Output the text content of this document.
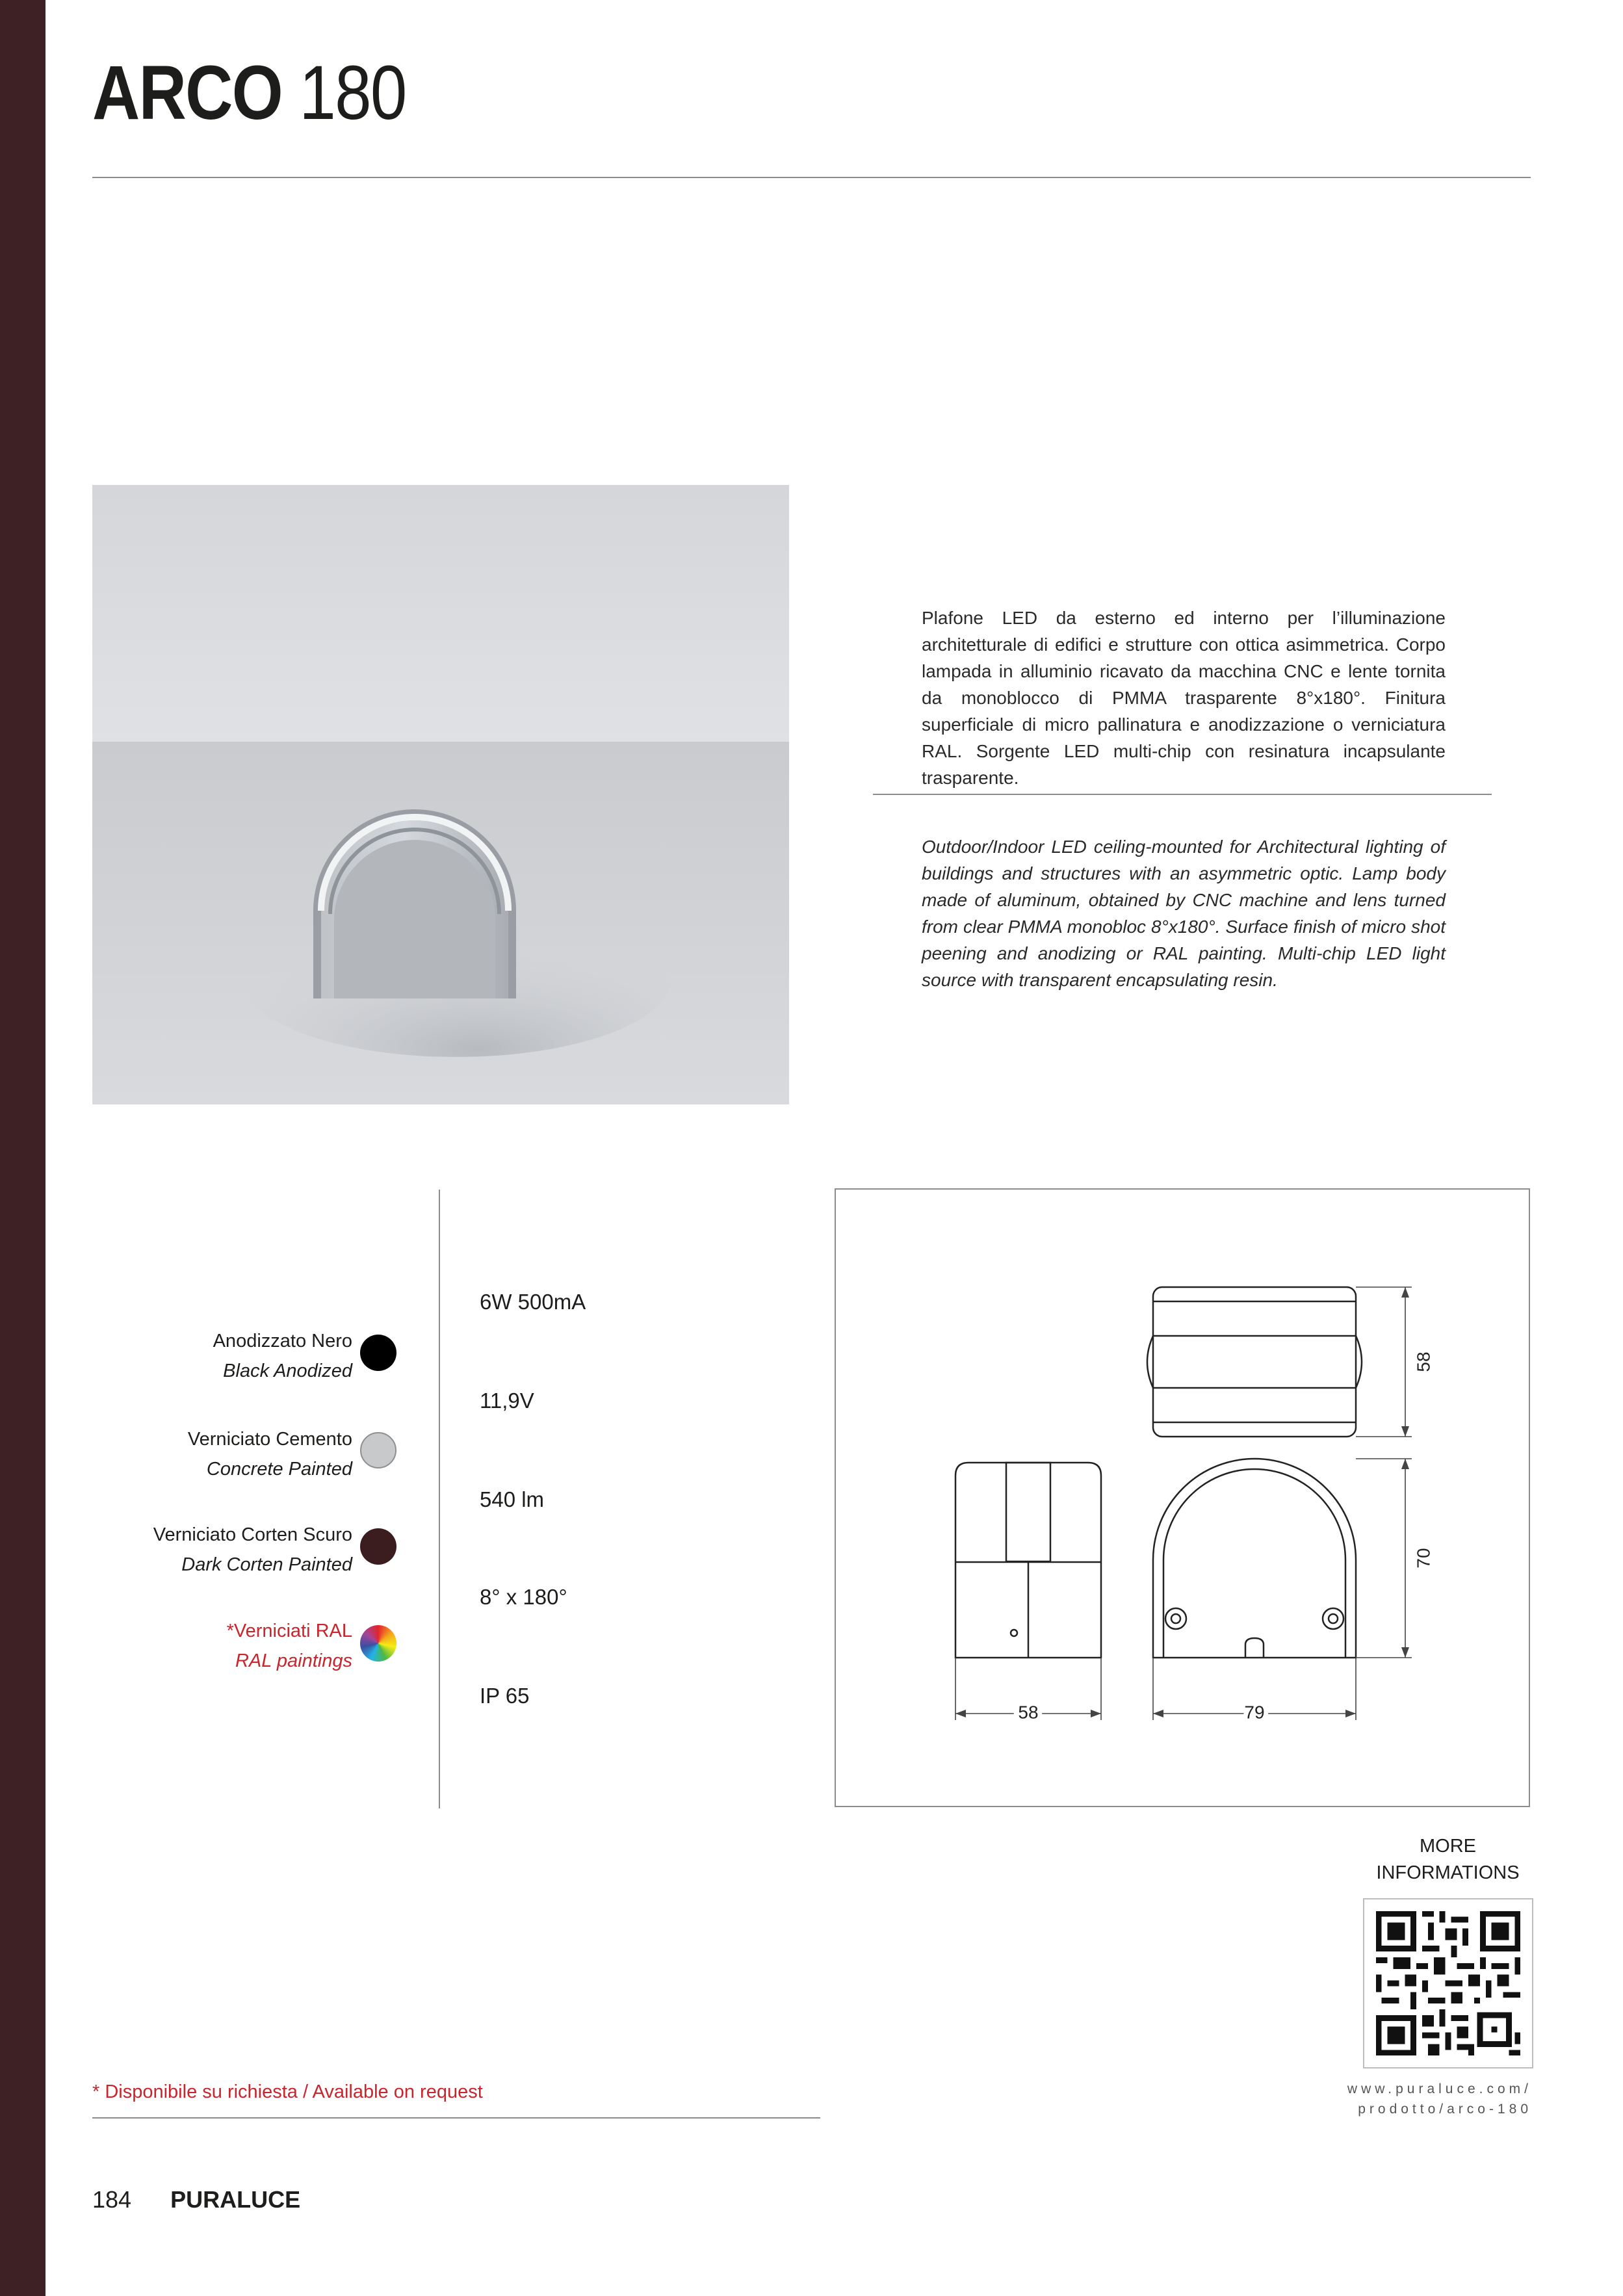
ARCO 180
Plafone LED da esterno ed interno per l’illuminazione architetturale di edifici e strutture con ottica asimmetrica. Corpo lampada in alluminio ricavato da macchina CNC e lente tornita da monoblocco di PMMA trasparente 8°x180°. Finitura superficiale di micro pallinatura e anodizzazione o verniciatura RAL. Sorgente LED multi-chip con resinatura incapsulante trasparente.
Outdoor/Indoor LED ceiling-mounted for Architectural lighting of buildings and structures with an asymmetric optic. Lamp body made of aluminum, obtained by CNC machine and lens turned from clear PMMA monobloc 8°x180°. Surface finish of micro shot peening and anodizing or RAL painting. Multi-chip LED light source with transparent encapsulating resin.
Anodizzato Nero
Black Anodized
Verniciato Cemento
Concrete Painted
Verniciato Corten Scuro
Dark Corten Painted
*Verniciati RAL
RAL paintings
6W 500mA
11,9V
540 lm
8° x 180°
IP 65
58
70
58	79
MORE
INFORMATIONS
www.puraluce.com/
prodotto/arco-180
* Disponibile su richiesta / Available on request
184 PURALUCE
